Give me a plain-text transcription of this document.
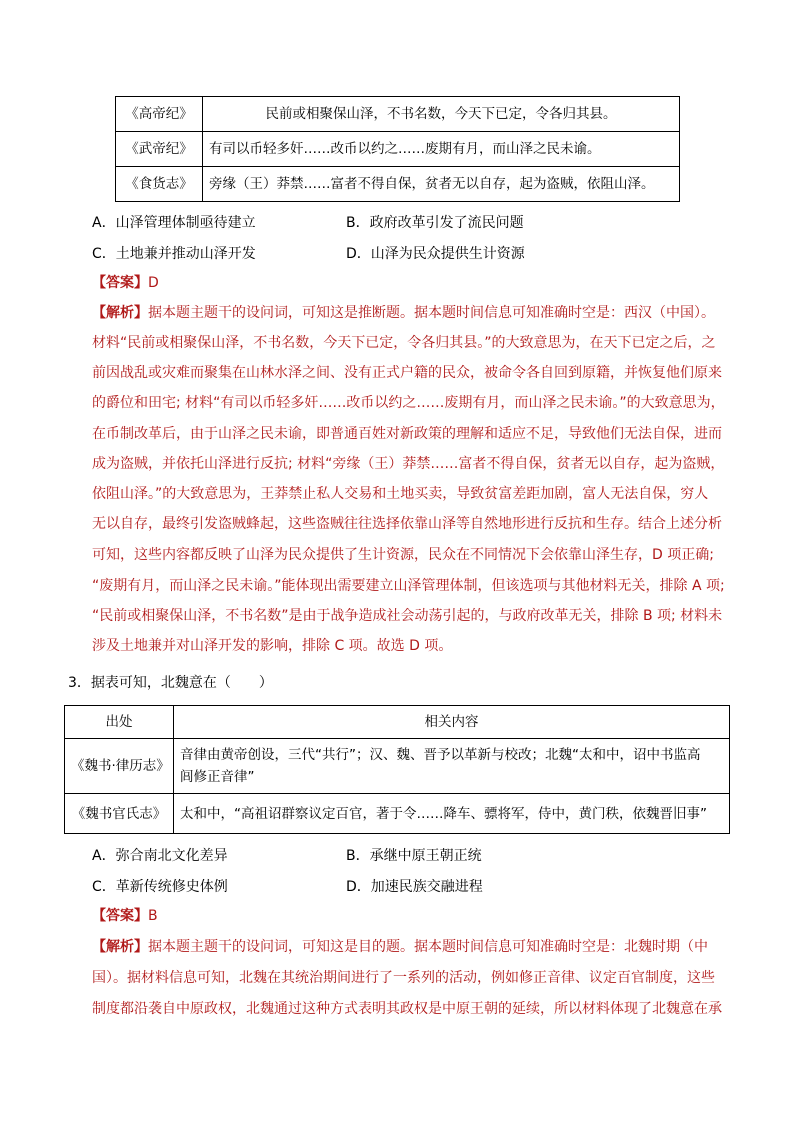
《高帝纪》	民前或相聚保山泽，不书名数，今天下已定，令各归其县。
《武帝纪》	有司以币轻多奸……改币以约之……废期有月，而山泽之民未谕。
《食货志》	旁缘（王）莽禁……富者不得自保，贫者无以自存，起为盗贼，依阻山泽。
A．山泽管理体制亟待建立	B．政府改革引发了流民问题
C．土地兼并推动山泽开发	D．山泽为民众提供生计资源
【答案】D
【解析】据本题主题干的设问词，可知这是推断题。据本题时间信息可知准确时空是：西汉（中国）。
材料“民前或相聚保山泽，不书名数，今天下已定，令各归其县。”的大致意思为，在天下已定之后，之
前因战乱或灾难而聚集在山林水泽之间、没有正式户籍的民众，被命令各自回到原籍，并恢复他们原来
的爵位和田宅; 材料“有司以币轻多奸……改币以约之……废期有月，而山泽之民未谕。”的大致意思为，
在币制改革后，由于山泽之民未谕，即普通百姓对新政策的理解和适应不足，导致他们无法自保，进而
成为盗贼，并依托山泽进行反抗; 材料“旁缘（王）莽禁……富者不得自保，贫者无以自存，起为盗贼，
依阻山泽。”的大致意思为，王莽禁止私人交易和土地买卖，导致贫富差距加剧，富人无法自保，穷人
无以自存，最终引发盗贼蜂起，这些盗贼往往选择依靠山泽等自然地形进行反抗和生存。结合上述分析
可知，这些内容都反映了山泽为民众提供了生计资源，民众在不同情况下会依靠山泽生存，D 项正确;
“废期有月，而山泽之民未谕。”能体现出需要建立山泽管理体制，但该选项与其他材料无关，排除 A 项;
“民前或相聚保山泽，不书名数”是由于战争造成社会动荡引起的，与政府改革无关，排除 B 项; 材料未
涉及土地兼并对山泽开发的影响，排除 C 项。故选 D 项。
3．据表可知，北魏意在（　　）
出处	相关内容
《魏书·律历志》	音律由黄帝创设，三代“共行”；汉、魏、晋予以革新与校改；北魏“太和中，诏中书监高
闾修正音律”

《魏书官氏志》	太和中，“高祖诏群察议定百官，著于令……降车、骠将军，侍中，黄门秩，依魏晋旧事”
A．弥合南北文化差异	B．承继中原王朝正统
C．革新传统修史体例	D．加速民族交融进程
【答案】B
【解析】据本题主题干的设问词，可知这是目的题。据本题时间信息可知准确时空是：北魏时期（中
国）。据材料信息可知，北魏在其统治期间进行了一系列的活动，例如修正音律、议定百官制度，这些
制度都沿袭自中原政权，北魏通过这种方式表明其政权是中原王朝的延续，所以材料体现了北魏意在承
